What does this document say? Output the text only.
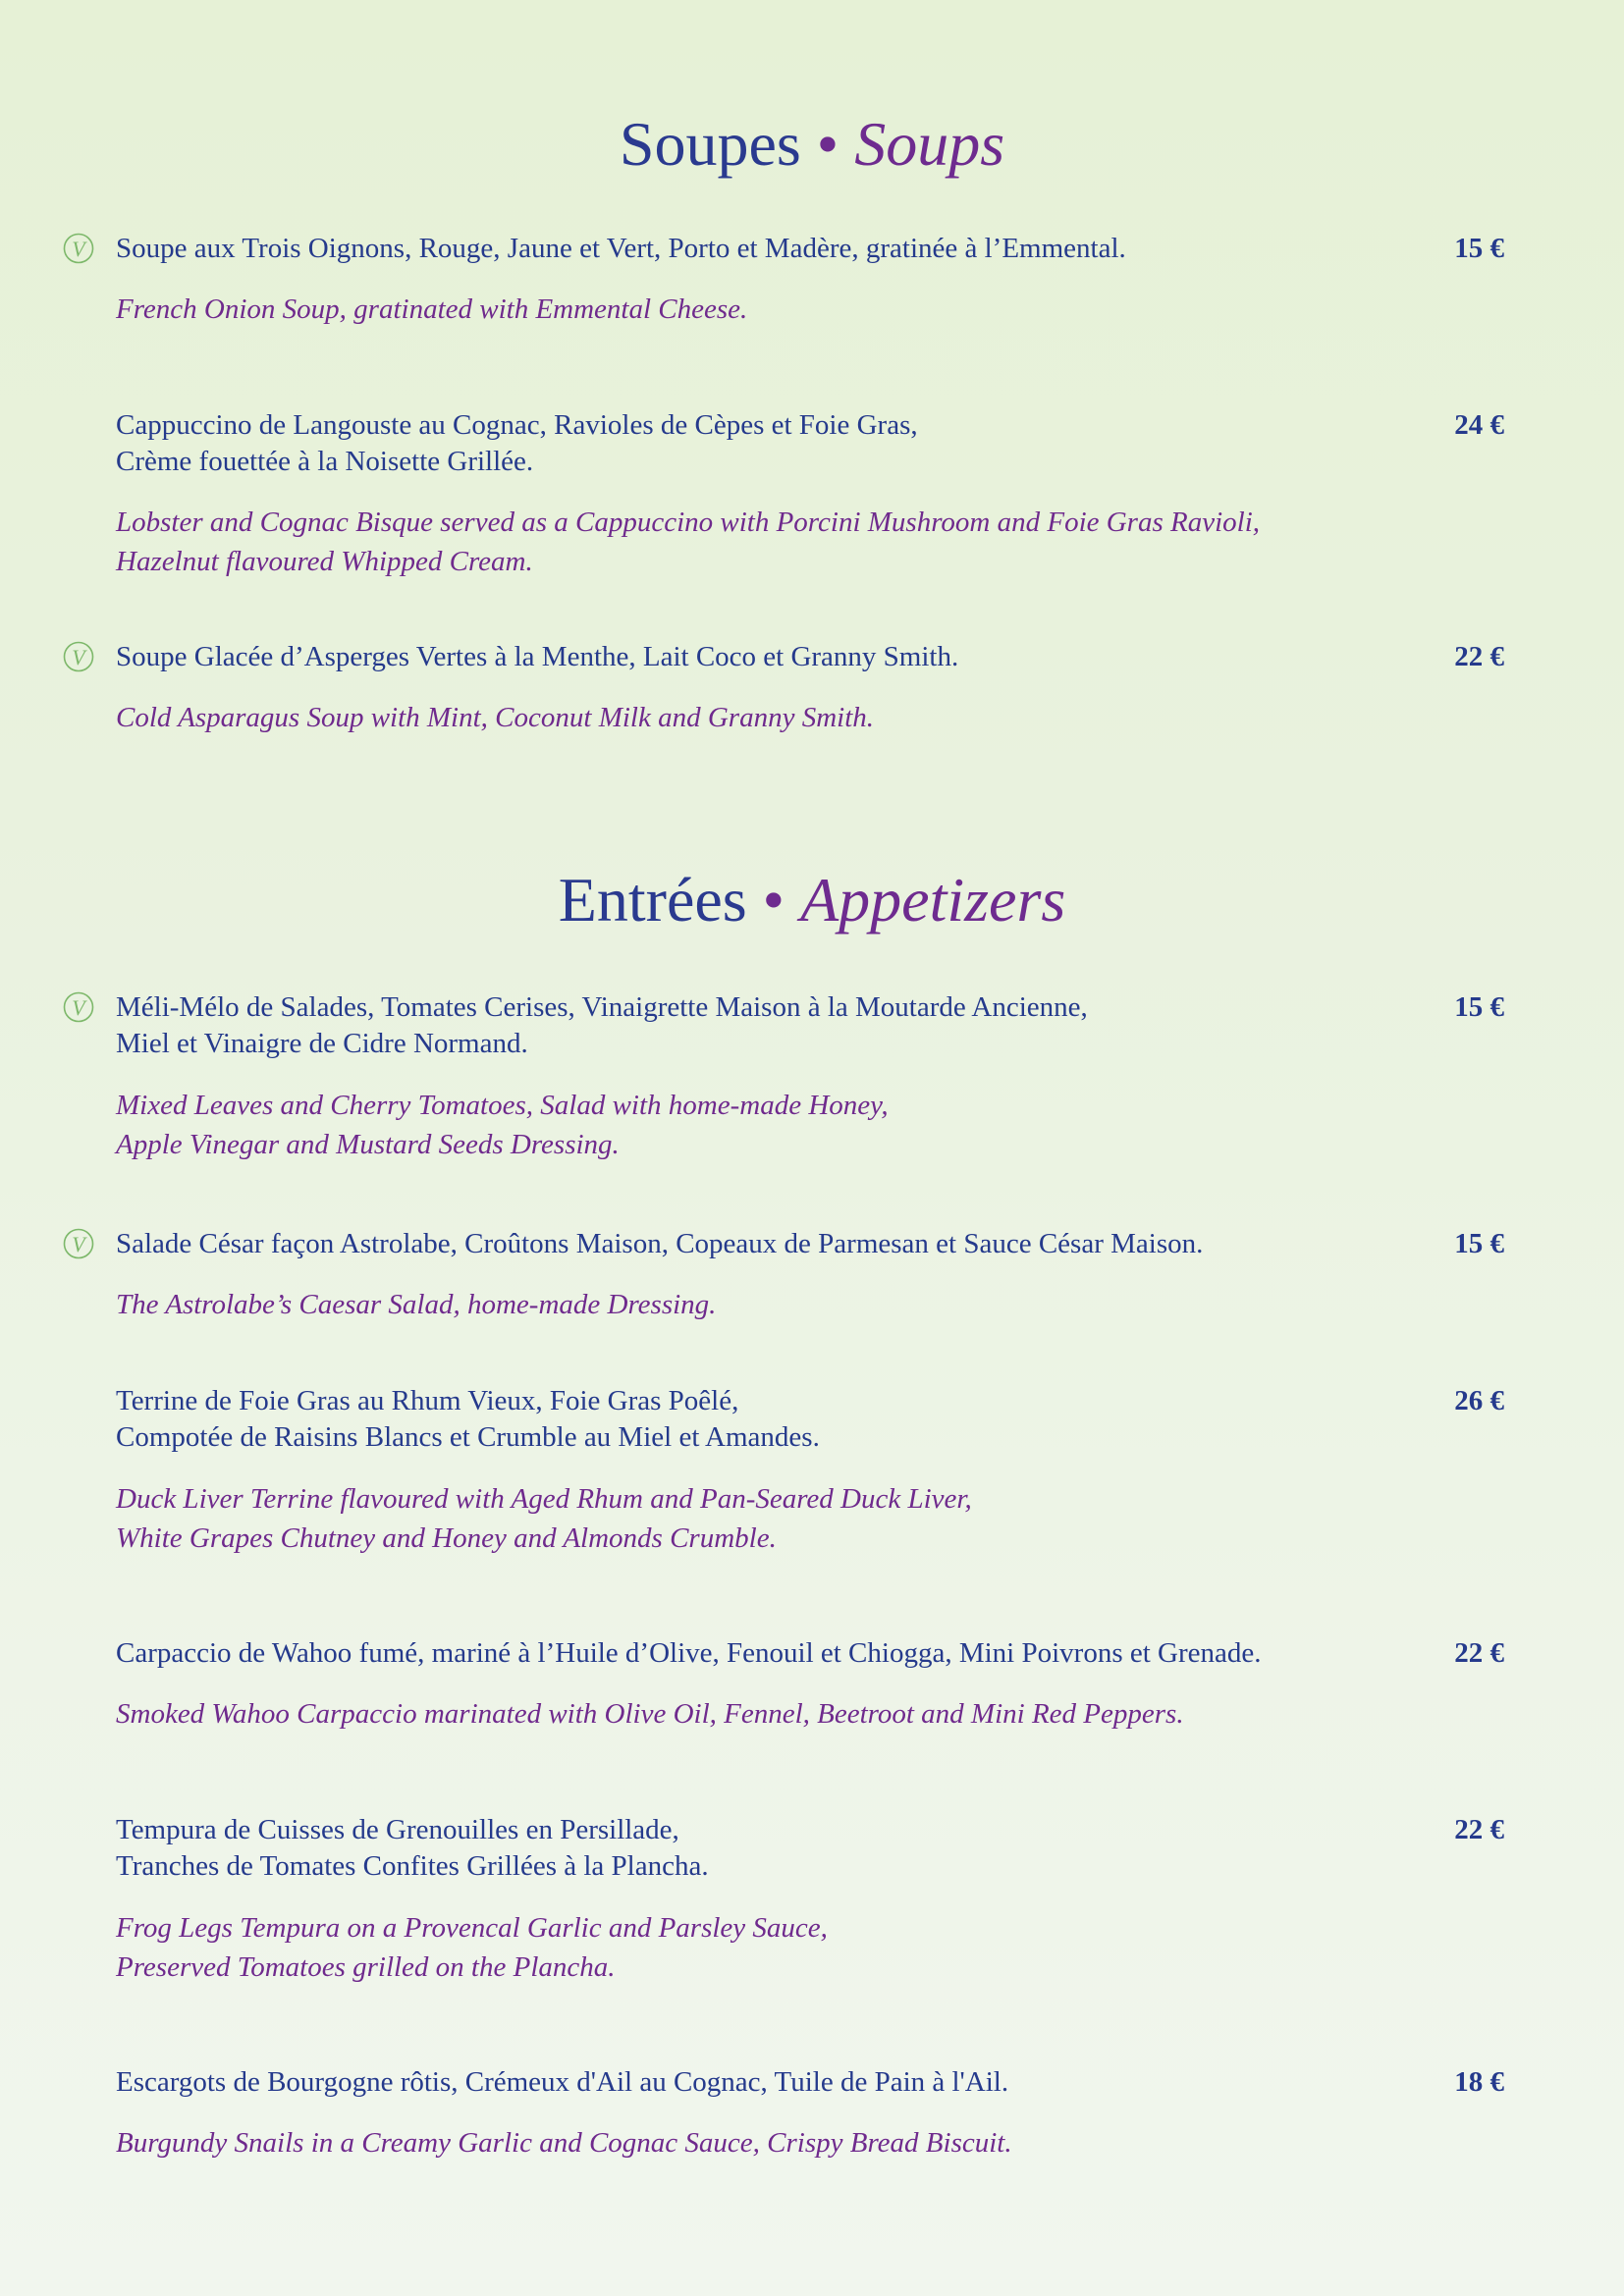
Soupes • Soups
V Soupe aux Trois Oignons, Rouge, Jaune et Vert, Porto et Madère, gratinée à l’Emmental.
French Onion Soup, gratinated with Emmental Cheese.
15 €
Cappuccino de Langouste au Cognac, Ravioles de Cèpes et Foie Gras,
Crème fouettée à la Noisette Grillée.
Lobster and Cognac Bisque served as a Cappuccino with Porcini Mushroom and Foie Gras Ravioli,
Hazelnut flavoured Whipped Cream.
24 €
V Soupe Glacée d’Asperges Vertes à la Menthe, Lait Coco et Granny Smith.
Cold Asparagus Soup with Mint, Coconut Milk and Granny Smith.
22 €
Entrées • Appetizers
V Méli-Mélo de Salades, Tomates Cerises, Vinaigrette Maison à la Moutarde Ancienne,
Miel et Vinaigre de Cidre Normand.
Mixed Leaves and Cherry Tomatoes, Salad with home-made Honey,
Apple Vinegar and Mustard Seeds Dressing.
15 €
V Salade César façon Astrolabe, Croûtons Maison, Copeaux de Parmesan et Sauce César Maison.
The Astrolabe’s Caesar Salad, home-made Dressing.
15 €
Terrine de Foie Gras au Rhum Vieux, Foie Gras Poêlé,
Compotée de Raisins Blancs et Crumble au Miel et Amandes.
Duck Liver Terrine flavoured with Aged Rhum and Pan-Seared Duck Liver,
White Grapes Chutney and Honey and Almonds Crumble.
26 €
Carpaccio de Wahoo fumé, mariné à l’Huile d’Olive, Fenouil et Chiogga, Mini Poivrons et Grenade.
Smoked Wahoo Carpaccio marinated with Olive Oil, Fennel, Beetroot and Mini Red Peppers.
22 €
Tempura de Cuisses de Grenouilles en Persillade,
Tranches de Tomates Confites Grillées à la Plancha.
Frog Legs Tempura on a Provencal Garlic and Parsley Sauce,
Preserved Tomatoes grilled on the Plancha.
22 €
Escargots de Bourgogne rôtis, Crémeux d'Ail au Cognac, Tuile de Pain à l'Ail.
Burgundy Snails in a Creamy Garlic and Cognac Sauce, Crispy Bread Biscuit.
18 €
